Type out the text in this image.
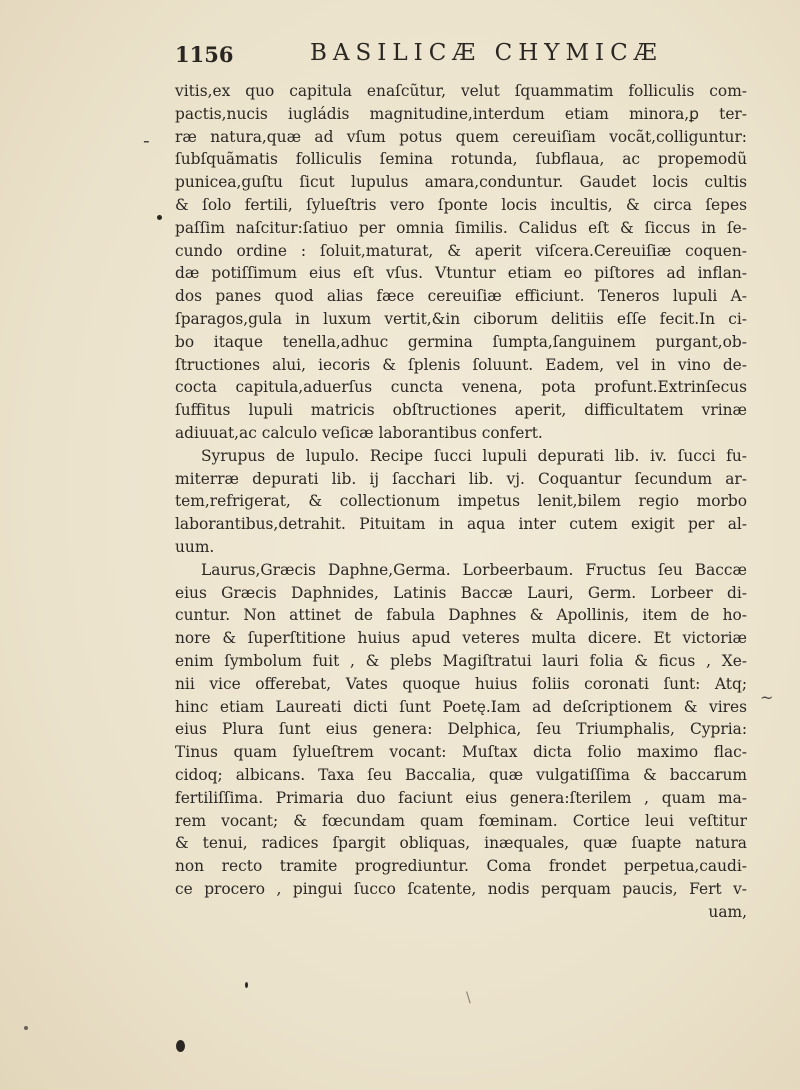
1156	BASILICÆ CHYMICÆ
vitis,ex quo capitula enaſcũtur, velut ſquammatim folliculis com-
pactis,nucis iugládis magnitudine,interdum etiam minora,ꝑ ter-
ræ natura,quæ ad vſum potus quem cereuiſiam vocãt,colliguntur:
ſubſquãmatis folliculis ſemina rotunda, ſubflaua, ac propemodũ
punicea,guſtu ſicut lupulus amara,conduntur. Gaudet locis cultis
& ſolo fertili, ſylueſtris vero ſponte locis incultis, & circa ſepes
paſſim naſcitur:ſatiuo per omnia ſimilis. Calidus eſt & ſiccus in ſe-
cundo ordine : ſoluit,maturat, & aperit viſcera.Cereuiſiæ coquen-
dæ potiſſimum eius eſt vſus. Vtuntur etiam eo piſtores ad inflan-
dos panes quod alias fæce cereuiſiæ efficiunt. Teneros lupuli A-
ſparagos,gula in luxum vertit,&in ciborum delitiis eſſe fecit.In ci-
bo itaque tenella,adhuc germina ſumpta,ſanguinem purgant,ob-
ſtructiones alui, iecoris & ſplenis ſoluunt. Eadem, vel in vino de-
cocta capitula,aduerſus cuncta venena, pota profunt.Extrinſecus
ſuffitus lupuli matricis obſtructiones aperit, difficultatem vrinæ
adiuuat,ac calculo veſicæ laborantibus confert.
Syrupus de lupulo. Recipe ſucci lupuli depurati lib. iv. ſucci fu-
miterræ depurati lib. ij ſacchari lib. vj. Coquantur ſecundum ar-
tem,refrigerat, & collectionum impetus lenit,bilem regio morbo
laborantibus,detrahit. Pituitam in aqua inter cutem exigit per al-
uum.
Laurus,Græcis Daphne,Germa. Lorbeerbaum. Fructus ſeu Baccæ
eius Græcis Daphnides, Latinis Baccæ Lauri, Germ. Lorbeer di-
cuntur. Non attinet de fabula Daphnes & Apollinis, item de ho-
nore & ſuperſtitione huius apud veteres multa dicere. Et victoriæ
enim ſymbolum fuit , & plebs Magiſtratui lauri folia & ficus , Xe-
nii vice offerebat, Vates quoque huius foliis coronati ſunt: Atq;
hinc etiam Laureati dicti ſunt Poetę.Iam ad deſcriptionem & vires
eius Plura ſunt eius genera: Delphica, ſeu Triumphalis, Cypria:
Tinus quam ſylueſtrem vocant: Muſtax dicta folio maximo flac-
cidoq; albicans. Taxa ſeu Baccalia, quæ vulgatiſſima & baccarum
fertiliſſima. Primaria duo faciunt eius genera:ſterilem , quam ma-
rem vocant; & fœcundam quam fœminam. Cortice leui veſtitur
& tenui, radices ſpargit obliquas, inæquales, quæ ſuapte natura
non recto tramite progrediuntur. Coma frondet perpetua,caudi-
ce procero , pingui ſucco ſcatente, nodis perquam paucis, Fert v-
uam,
-
~
\
